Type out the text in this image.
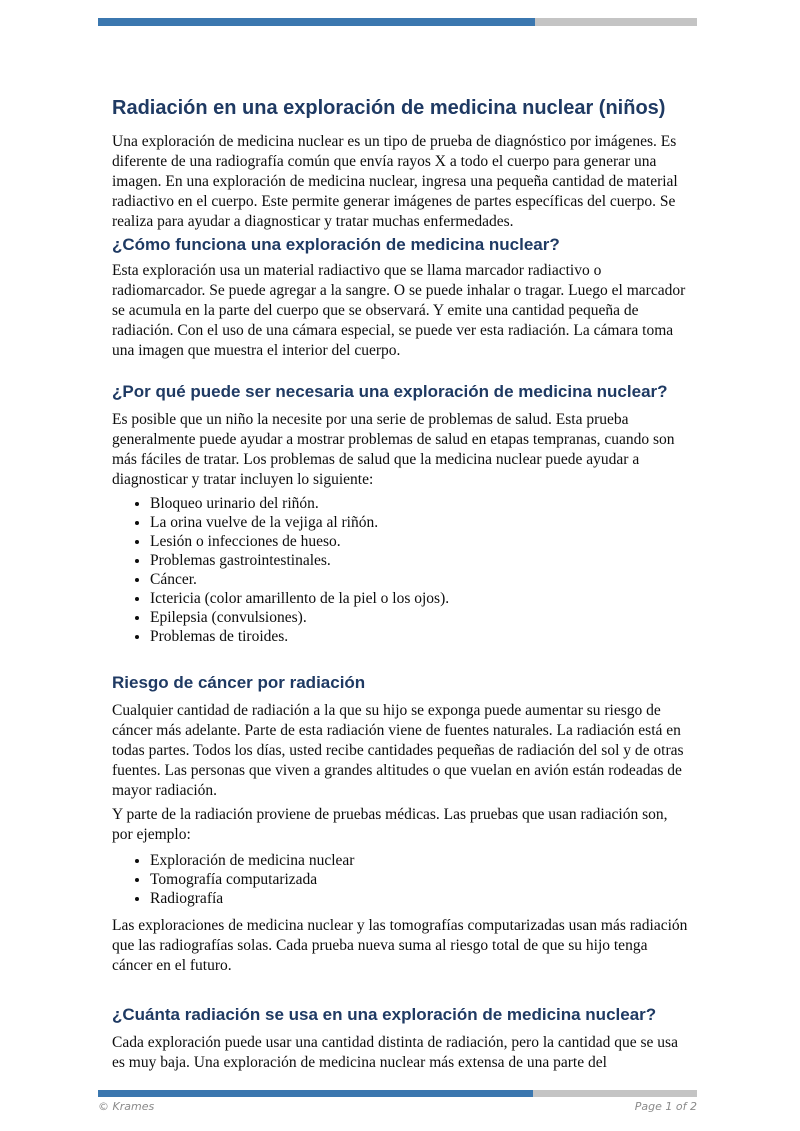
Radiación en una exploración de medicina nuclear (niños)

Una exploración de medicina nuclear es un tipo de prueba de diagnóstico por imágenes. Es diferente de una radiografía común que envía rayos X a todo el cuerpo para generar una imagen. En una exploración de medicina nuclear, ingresa una pequeña cantidad de material radiactivo en el cuerpo. Este permite generar imágenes de partes específicas del cuerpo. Se realiza para ayudar a diagnosticar y tratar muchas enfermedades.

¿Cómo funciona una exploración de medicina nuclear?

Esta exploración usa un material radiactivo que se llama marcador radiactivo o radiomarcador. Se puede agregar a la sangre. O se puede inhalar o tragar. Luego el marcador se acumula en la parte del cuerpo que se observará. Y emite una cantidad pequeña de radiación. Con el uso de una cámara especial, se puede ver esta radiación. La cámara toma una imagen que muestra el interior del cuerpo.

¿Por qué puede ser necesaria una exploración de medicina nuclear?

Es posible que un niño la necesite por una serie de problemas de salud. Esta prueba generalmente puede ayudar a mostrar problemas de salud en etapas tempranas, cuando son más fáciles de tratar. Los problemas de salud que la medicina nuclear puede ayudar a diagnosticar y tratar incluyen lo siguiente:

• Bloqueo urinario del riñón.
• La orina vuelve de la vejiga al riñón.
• Lesión o infecciones de hueso.
• Problemas gastrointestinales.
• Cáncer.
• Ictericia (color amarillento de la piel o los ojos).
• Epilepsia (convulsiones).
• Problemas de tiroides.
Riesgo de cáncer por radiación

Cualquier cantidad de radiación a la que su hijo se exponga puede aumentar su riesgo de cáncer más adelante. Parte de esta radiación viene de fuentes naturales. La radiación está en todas partes. Todos los días, usted recibe cantidades pequeñas de radiación del sol y de otras fuentes. Las personas que viven a grandes altitudes o que vuelan en avión están rodeadas de mayor radiación.

Y parte de la radiación proviene de pruebas médicas. Las pruebas que usan radiación son, por ejemplo:

• Exploración de medicina nuclear
• Tomografía computarizada
• Radiografía

Las exploraciones de medicina nuclear y las tomografías computarizadas usan más radiación que las radiografías solas. Cada prueba nueva suma al riesgo total de que su hijo tenga cáncer en el futuro.

¿Cuánta radiación se usa en una exploración de medicina nuclear?

Cada exploración puede usar una cantidad distinta de radiación, pero la cantidad que se usa es muy baja. Una exploración de medicina nuclear más extensa de una parte del

© Krames	Page 1 of 2
